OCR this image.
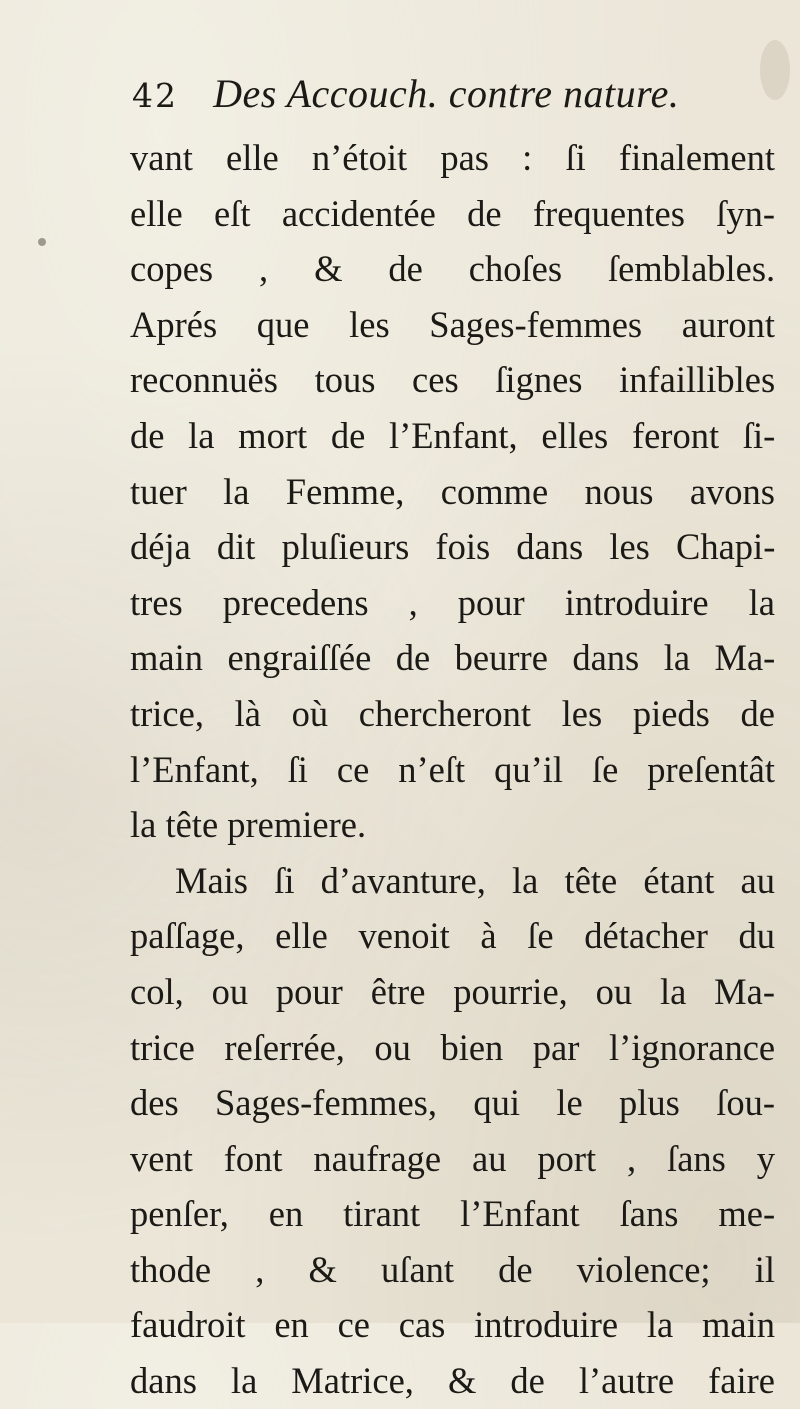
42 Des Accouch. contre nature.
vant elle n’étoit pas : ſi finalement
elle eſt accidentée de frequentes ſyn-
copes , & de choſes ſemblables.
Aprés que les Sages-femmes auront
reconnuës tous ces ſignes infaillibles
de la mort de l’Enfant, elles feront ſi-
tuer la Femme, comme nous avons
déja dit pluſieurs fois dans les Chapi-
tres precedens , pour introduire la
main engraiſſée de beurre dans la Ma-
trice, là où chercheront les pieds de
l’Enfant, ſi ce n’eſt qu’il ſe preſentât
la tête premiere.
Mais ſi d’avanture, la tête étant au
paſſage, elle venoit à ſe détacher du
col, ou pour être pourrie, ou la Ma-
trice reſerrée, ou bien par l’ignorance
des Sages-femmes, qui le plus ſou-
vent font naufrage au port , ſans y
penſer, en tirant l’Enfant ſans me-
thode , & uſant de violence; il
faudroit en ce cas introduire la main
dans la Matrice, & de l’autre faire
